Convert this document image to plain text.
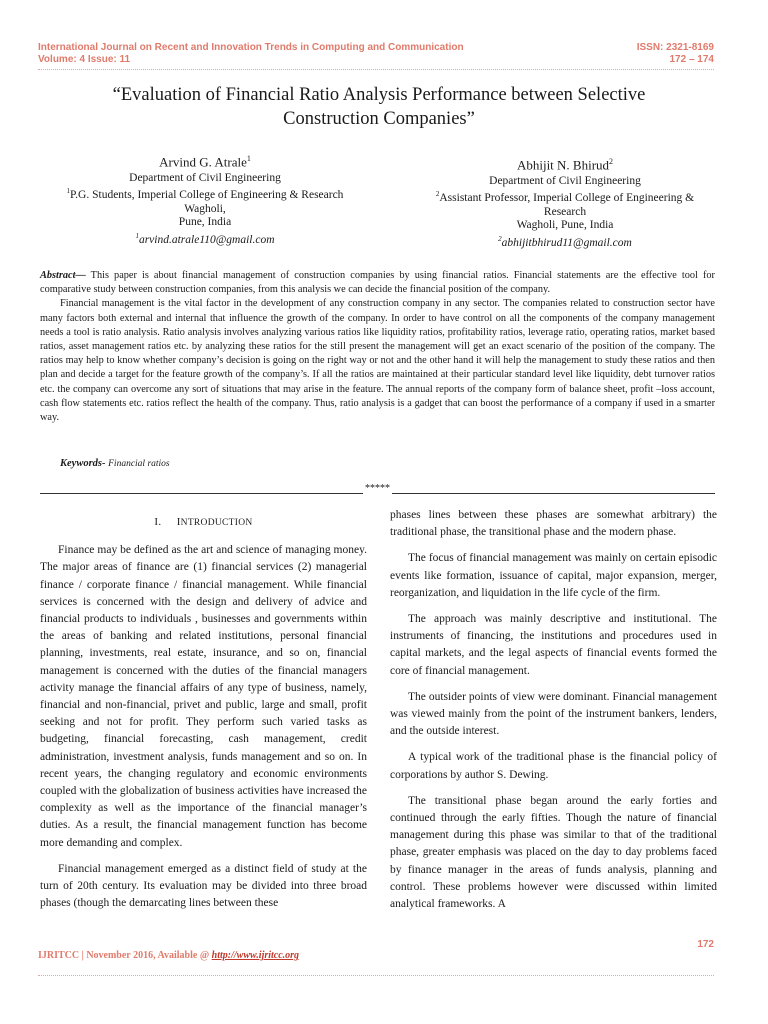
International Journal on Recent and Innovation Trends in Computing and Communication
Volume: 4 Issue: 11
ISSN: 2321-8169
172 – 174
“Evaluation of Financial Ratio Analysis Performance between Selective
Construction Companies”
Arvind G. Atrale$^1$
Department of Civil Engineering
$^1$P.G. Students, Imperial College of Engineering & Research
Wagholi,
Pune, India
$^1$arvind.atrale110@gmail.com
Abhijit N. Bhirud$^2$
Department of Civil Engineering
$^2$Assistant Professor, Imperial College of Engineering &
Research
Wagholi, Pune, India
$^2$abhijitbhirud11@gmail.com

Abstract— This paper is about financial management of construction companies by using financial ratios. Financial statements are the effective tool for comparative study between construction companies, from this analysis we can decide the financial position of the company.

Financial management is the vital factor in the development of any construction company in any sector. The companies related to construction sector have many factors both external and internal that influence the growth of the company. In order to have control on all the components of the company management needs a tool is ratio analysis. Ratio analysis involves analyzing various ratios like liquidity ratios, profitability ratios, leverage ratio, operating ratios, market based ratios, asset management ratios etc. by analyzing these ratios for the still present the management will get an exact scenario of the position of the company. The ratios may help to know whether company’s decision is going on the right way or not and the other hand it will help the management to study these ratios and then plan and decide a target for the feature growth of the company’s. If all the ratios are maintained at their particular standard level like liquidity, debt turnover ratios etc. the company can overcome any sort of situations that may arise in the feature. The annual reports of the company form of balance sheet, profit –loss account, cash flow statements etc. ratios reflect the health of the company. Thus, ratio analysis is a gadget that can boost the performance of a company if used in a smarter way.

Keywords- Financial ratios
*****
I. INTRODUCTION

Finance may be defined as the art and science of managing money. The major areas of finance are (1) financial services (2) managerial finance / corporate finance / financial management. While financial services is concerned with the design and delivery of advice and financial products to individuals , businesses and governments within the areas of banking and related institutions, personal financial planning, investments, real estate, insurance, and so on, financial management is concerned with the duties of the financial managers activity manage the financial affairs of any type of business, namely, financial and non-financial, privet and public, large and small, profit seeking and not for profit. They perform such varied tasks as budgeting, financial forecasting, cash management, credit administration, investment analysis, funds management and so on. In recent years, the changing regulatory and economic environments coupled with the globalization of business activities have increased the complexity as well as the importance of the financial manager’s duties. As a result, the financial management function has become more demanding and complex.

Financial management emerged as a distinct field of study at the turn of 20th century. Its evaluation may be divided into three broad phases (though the demarcating lines between these

phases lines between these phases are somewhat arbitrary) the traditional phase, the transitional phase and the modern phase.

The focus of financial management was mainly on certain episodic events like formation, issuance of capital, major expansion, merger, reorganization, and liquidation in the life cycle of the firm.

The approach was mainly descriptive and institutional. The instruments of financing, the institutions and procedures used in capital markets, and the legal aspects of financial events formed the core of financial management.

The outsider points of view were dominant. Financial management was viewed mainly from the point of the instrument bankers, lenders, and the outside interest.

A typical work of the traditional phase is the financial policy of corporations by author S. Dewing.

The transitional phase began around the early forties and continued through the early fifties. Though the nature of financial management during this phase was similar to that of the traditional phase, greater emphasis was placed on the day to day problems faced by finance manager in the areas of funds analysis, planning and control. These problems however were discussed within limited analytical frameworks. A

172
IJRITCC | November 2016, Available @ http://www.ijritcc.org
